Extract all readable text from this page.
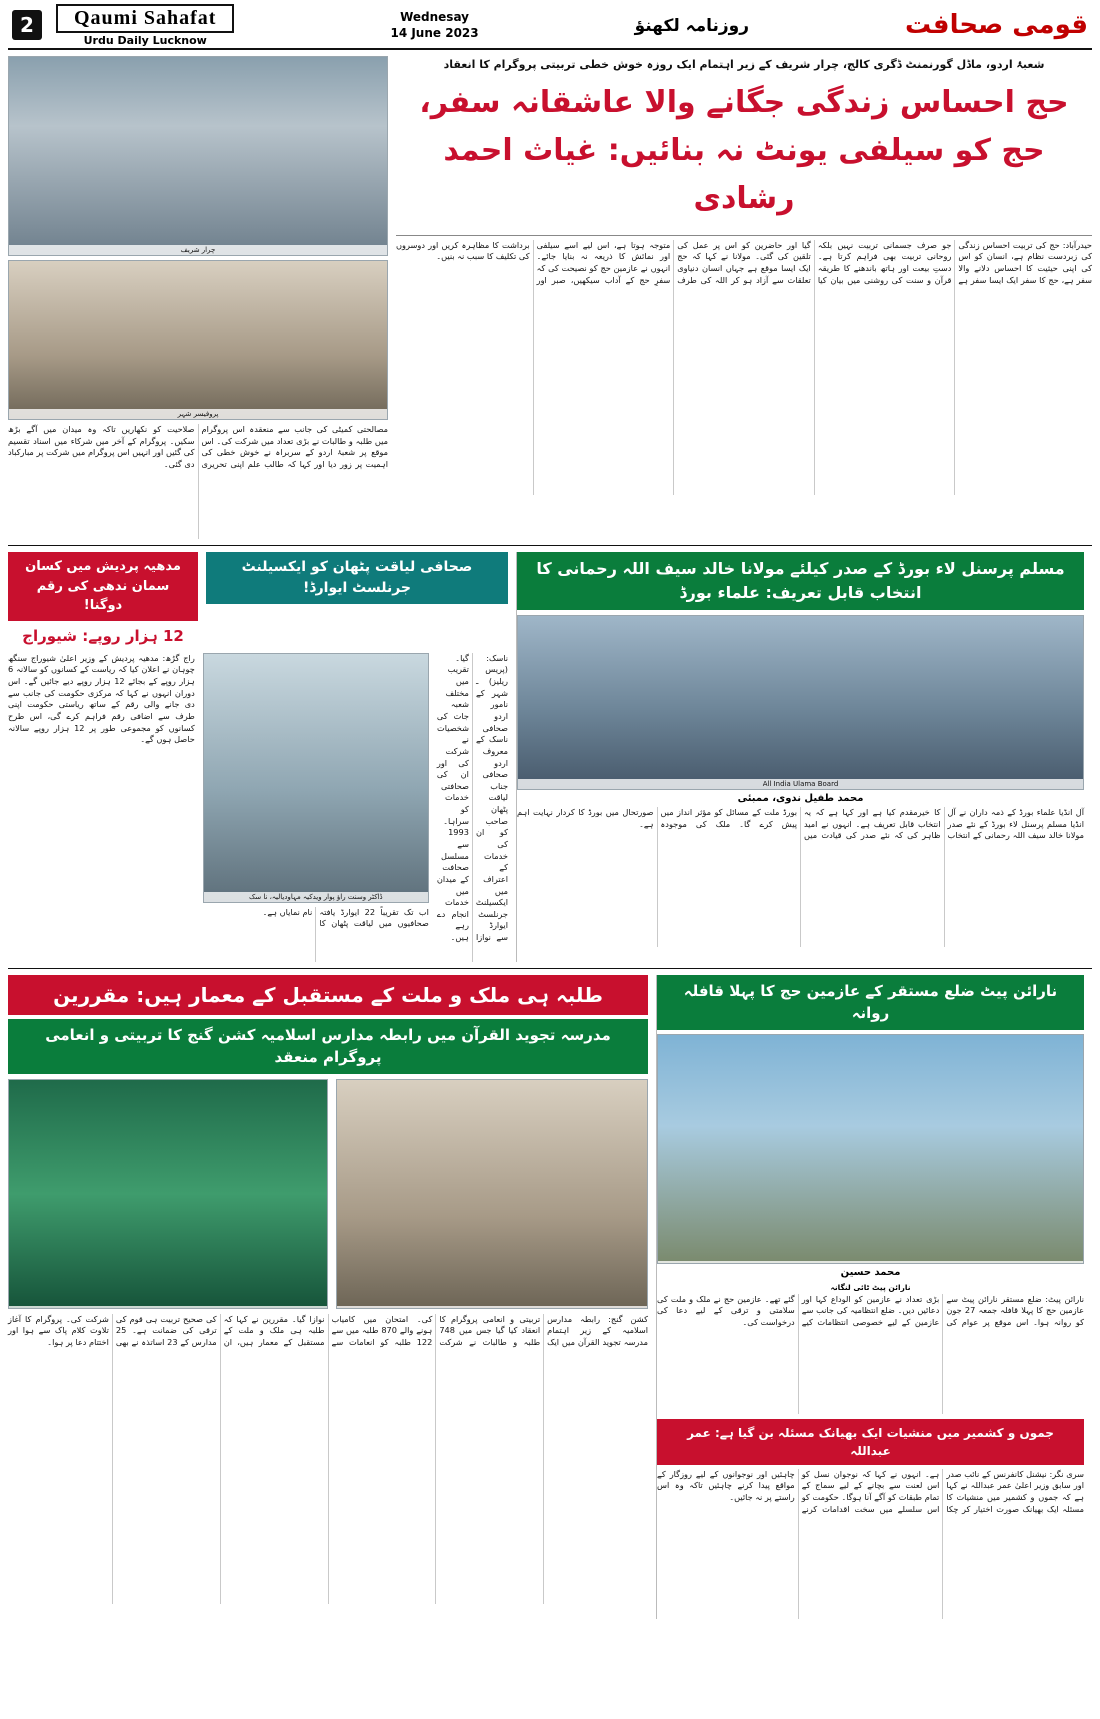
2	Qaumi Sahafat
Urdu Daily Lucknow
Wednesay
14 June 2023	روزنامہ لکھنؤ	قومی صحافت
چرار شریف
پروفیسر شہر
مصالحتی کمیٹی کی جانب سے منعقدہ اس پروگرام میں طلبہ و طالبات نے بڑی تعداد میں شرکت کی۔ اس موقع پر شعبۂ اردو کے سربراہ نے خوش خطی کی اہمیت پر زور دیا اور کہا کہ طالب علم اپنی تحریری صلاحیت کو نکھاریں تاکہ وہ میدان میں آگے بڑھ سکیں۔ پروگرام کے آخر میں شرکاء میں اسناد تقسیم کی گئیں اور انہیں اس پروگرام میں شرکت پر مبارکباد دی گئی۔
شعبۂ اردو، ماڈل گورنمنٹ ڈگری کالج، چرار شریف کے زیر اہتمام ایک روزہ خوش خطی تربیتی پروگرام کا انعقاد
حج احساس زندگی جگانے والا عاشقانہ سفر، حج کو سیلفی یونٹ نہ بنائیں: غیاث احمد رشادی
حیدرآباد: حج کی تربیت احساس زندگی کی زبردست نظام ہے، انسان کو اس کی اپنی حیثیت کا احساس دلانے والا سفر ہے، حج کا سفر ایک ایسا سفر ہے جو صرف جسمانی تربیت نہیں بلکہ روحانی تربیت بھی فراہم کرتا ہے۔ دستِ بیعت اور ہاتھ باندھنے کا طریقہ قرآن و سنت کی روشنی میں بیان کیا گیا اور حاضرین کو اس پر عمل کی تلقین کی گئی۔ مولانا نے کہا کہ حج ایک ایسا موقع ہے جہاں انسان دنیاوی تعلقات سے آزاد ہو کر اللہ کی طرف متوجہ ہوتا ہے، اس لیے اسے سیلفی اور نمائش کا ذریعہ نہ بنایا جائے۔ انہوں نے عازمین حج کو نصیحت کی کہ سفرِ حج کے آداب سیکھیں، صبر اور برداشت کا مظاہرہ کریں اور دوسروں کی تکلیف کا سبب نہ بنیں۔
مدھیہ پردیش میں کسان سمان ندھی کی رقم دوگنا!
12 ہزار روپے: شیوراج
صحافی لیاقت پٹھان کو ایکسیلنٹ جرنلسٹ ایوارڈ!
راج گڑھ: مدھیہ پردیش کے وزیر اعلیٰ شیوراج سنگھ چوہان نے اعلان کیا کہ ریاست کے کسانوں کو سالانہ 6 ہزار روپے کے بجائے 12 ہزار روپے دیے جائیں گے۔ اس دوران انہوں نے کہا کہ مرکزی حکومت کی جانب سے دی جانے والی رقم کے ساتھ ریاستی حکومت اپنی طرف سے اضافی رقم فراہم کرے گی، اس طرح کسانوں کو مجموعی طور پر 12 ہزار روپے سالانہ حاصل ہوں گے۔
ڈاکٹر وسنت راؤ پوار ویدکیہ مہاودیالیہ، نا سک
اب تک تقریباً 22 ایوارڈ یافتہ صحافیوں میں لیاقت پٹھان کا نام نمایاں ہے۔
ناسک: (پریس ریلیز) ـ شہر کے نامور اردو صحافی ناسک کے معروف اردو صحافی جناب لیاقت پٹھان صاحب کو ان کی خدمات کے اعتراف میں ایکسیلنٹ جرنلسٹ ایوارڈ سے نوازا گیا۔ تقریب میں مختلف شعبہ جات کی شخصیات نے شرکت کی اور ان کی صحافتی خدمات کو سراہا۔ 1993 سے مسلسل صحافت کے میدان میں خدمات انجام دے رہے ہیں۔
مسلم پرسنل لاء بورڈ کے صدر کیلئے مولانا خالد سیف اللہ رحمانی کا انتخاب قابل تعریف: علماء بورڈ
All India Ulama Board
محمد طفیل ندوی، ممبئی
آل انڈیا علماء بورڈ کے ذمہ داران نے آل انڈیا مسلم پرسنل لاء بورڈ کے نئے صدر مولانا خالد سیف اللہ رحمانی کے انتخاب کا خیرمقدم کیا ہے اور کہا ہے کہ یہ انتخاب قابل تعریف ہے۔ انہوں نے امید ظاہر کی کہ نئے صدر کی قیادت میں بورڈ ملت کے مسائل کو مؤثر انداز میں پیش کرے گا۔ ملک کی موجودہ صورتحال میں بورڈ کا کردار نہایت اہم ہے۔
طلبہ ہی ملک و ملت کے مستقبل کے معمار ہیں: مقررین
مدرسہ تجوید القرآن میں رابطہ مدارس اسلامیہ کشن گنج کا تربیتی و انعامی پروگرام منعقد
کشن گنج: رابطہ مدارس اسلامیہ کے زیر اہتمام مدرسہ تجوید القرآن میں ایک تربیتی و انعامی پروگرام کا انعقاد کیا گیا جس میں 748 طلبہ و طالبات نے شرکت کی۔ امتحان میں کامیاب ہونے والے 870 طلبہ میں سے 122 طلبہ کو انعامات سے نوازا گیا۔ مقررین نے کہا کہ طلبہ ہی ملک و ملت کے مستقبل کے معمار ہیں، ان کی صحیح تربیت ہی قوم کی ترقی کی ضمانت ہے۔ 25 مدارس کے 23 اساتذہ نے بھی شرکت کی۔ پروگرام کا آغاز تلاوت کلام پاک سے ہوا اور اختتام دعا پر ہوا۔
نارائن پیٹ ضلع مستقر کے عازمین حج کا پہلا قافلہ روانہ
محمد حسین
نارائن پیٹ ٹائی لنگانہ
نارائن پیٹ: ضلع مستقر نارائن پیٹ سے عازمین حج کا پہلا قافلہ جمعہ 27 جون کو روانہ ہوا۔ اس موقع پر عوام کی بڑی تعداد نے عازمین کو الوداع کہا اور دعائیں دیں۔ ضلع انتظامیہ کی جانب سے عازمین کے لیے خصوصی انتظامات کیے گئے تھے۔ عازمین حج نے ملک و ملت کی سلامتی و ترقی کے لیے دعا کی درخواست کی۔
جموں و کشمیر میں منشیات ایک بھیانک مسئلہ بن گیا ہے: عمر عبداللہ
سری نگر: نیشنل کانفرنس کے نائب صدر اور سابق وزیر اعلیٰ عمر عبداللہ نے کہا ہے کہ جموں و کشمیر میں منشیات کا مسئلہ ایک بھیانک صورت اختیار کر چکا ہے۔ انہوں نے کہا کہ نوجوان نسل کو اس لعنت سے بچانے کے لیے سماج کے تمام طبقات کو آگے آنا ہوگا۔ حکومت کو اس سلسلے میں سخت اقدامات کرنے چاہئیں اور نوجوانوں کے لیے روزگار کے مواقع پیدا کرنے چاہئیں تاکہ وہ اس راستے پر نہ جائیں۔
